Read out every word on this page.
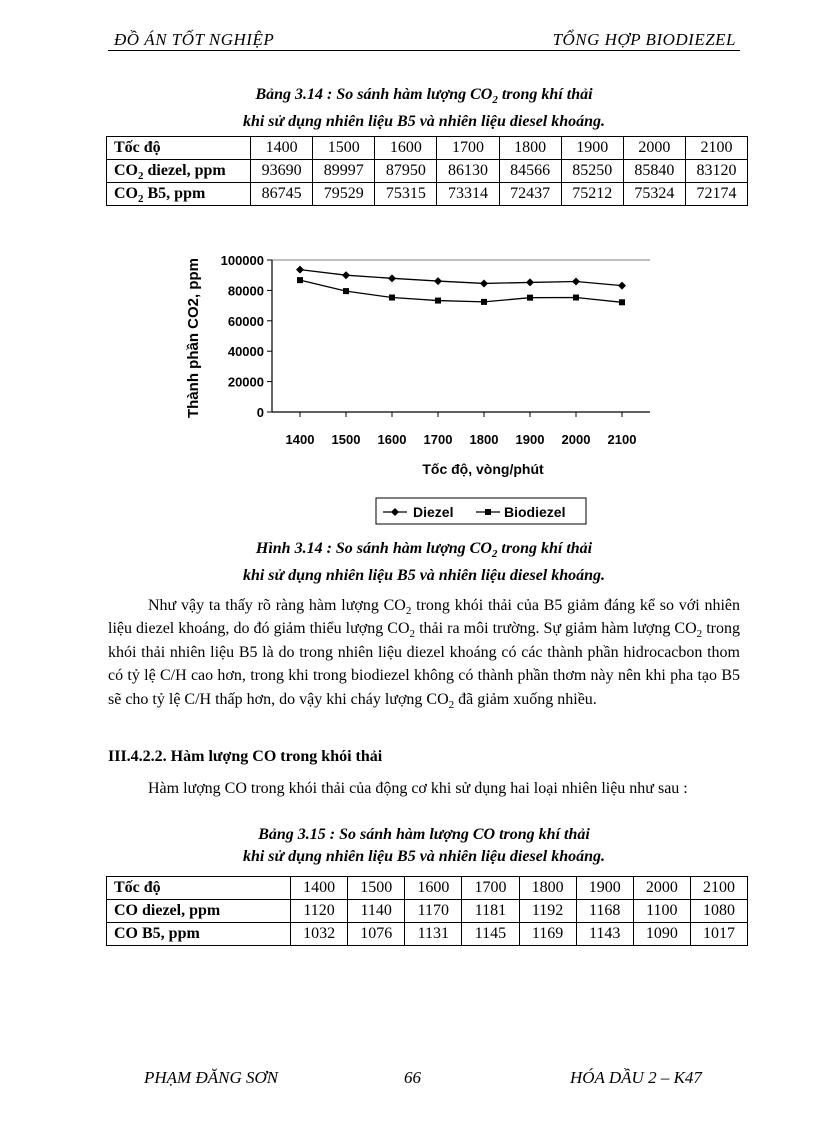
ĐỒ ÁN TỐT NGHIỆP	TỔNG HỢP BIODIEZEL
Bảng 3.14 : So sánh hàm lượng $CO_2$ trong khí thải
khi sử dụng nhiên liệu B5 và nhiên liệu diesel khoáng.
Tốc độ	1400	1500	1600	1700	1800	1900	2000	2100
$CO_2$ diezel, ppm	93690	89997	87950	86130	84566	85250	85840	83120
$CO_2$ B5, ppm	86745	79529	75315	73314	72437	75212	75324	72174
Thành phần CO2, ppm	0
20000
40000
60000
80000
100000
1400 1500 1600 1700 1800 1900 2000 2100
Tốc độ, vòng/phút
Diezel	Biodiezel
Hình 3.14 : So sánh hàm lượng $CO_2$ trong khí thải
khi sử dụng nhiên liệu B5 và nhiên liệu diesel khoáng.
Như vậy ta thấy rõ ràng hàm lượng $CO_2$ trong khói thải của B5 giảm đáng kể so với nhiên liệu diezel khoáng, do đó giảm thiểu lượng $CO_2$ thải ra môi trường. Sự giảm hàm lượng $CO_2$ trong khói thải nhiên liệu B5 là do trong nhiên liệu diezel khoáng có các thành phần hidrocacbon thom có tỷ lệ C/H cao hơn, trong khi trong biodiezel không có thành phần thơm này nên khi pha tạo B5 sẽ cho tỷ lệ C/H thấp hơn, do vậy khi cháy lượng $CO_2$ đã giảm xuống nhiều.
III.4.2.2. Hàm lượng CO trong khói thải
Hàm lượng CO trong khói thải của động cơ khi sử dụng hai loại nhiên liệu như sau :
Bảng 3.15 : So sánh hàm lượng CO trong khí thải
khi sử dụng nhiên liệu B5 và nhiên liệu diesel khoáng.
Tốc độ	1400	1500	1600	1700	1800	1900	2000	2100
CO diezel, ppm	1120	1140	1170	1181	1192	1168	1100	1080
CO B5, ppm	1032	1076	1131	1145	1169	1143	1090	1017
PHẠM ĐĂNG SƠN	66	HÓA DẦU 2 – K47
